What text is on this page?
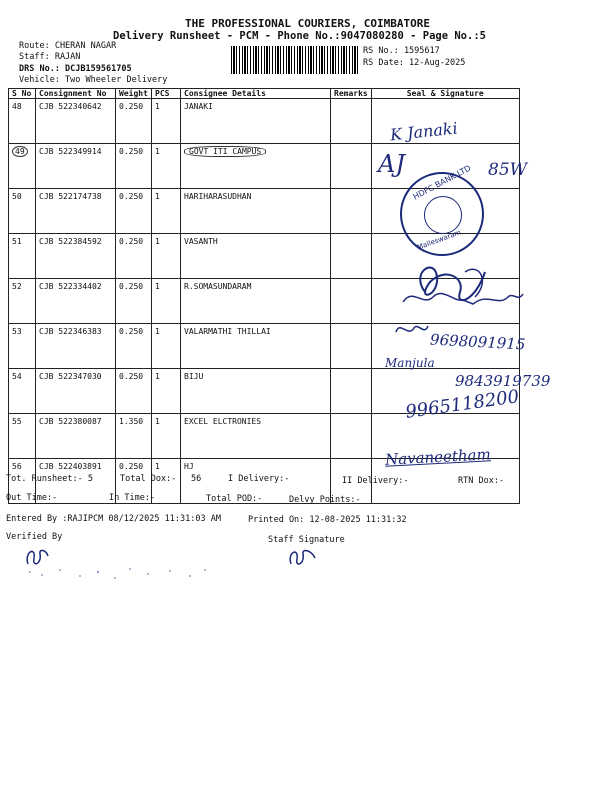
THE PROFESSIONAL COURIERS, COIMBATORE
Delivery Runsheet - PCM - Phone No.:9047080280 - Page No.:5
Route: CHERAN NAGAR
Staff: RAJAN
DRS No.: DCJB159561705
Vehicle: Two Wheeler Delivery
RS No.: 1595617
RS Date: 12-Aug-2025
S No	Consignment No	Weight	PCS	Consignee Details	Remarks	Seal & Signature
48	CJB 522340642	0.250	1	JANAKI		
49	CJB 522349914	0.250	1	GOVT ITI CAMPUS		
50	CJB 522174738	0.250	1	HARIHARASUDHAN		
51	CJB 522384592	0.250	1	VASANTH		
52	CJB 522334402	0.250	1	R.SOMASUNDARAM		
53	CJB 522346383	0.250	1	VALARMATHI THILLAI		
54	CJB 522347030	0.250	1	BIJU		
55	CJB 522380087	1.350	1	EXCEL ELCTRONIES		
56	CJB 522403891	0.250	1	HJ		
K Janaki
AJ	85W
HDFC BANK LTD
Malleswaram
9698091915
Manjula
9843919739
9965118200
Navaneetham
Tot. Runsheet:- 5	Total Dox:- 56	I Delivery:-	II Delivery:-	RTN Dox:-
Out Time:-	In Time:-	Total POD:-	Delvy Points:-
Entered By :RAJIPCM 08/12/2025 11:31:03 AM	Printed On: 12-08-2025 11:31:32
Verified By	Staff Signature
